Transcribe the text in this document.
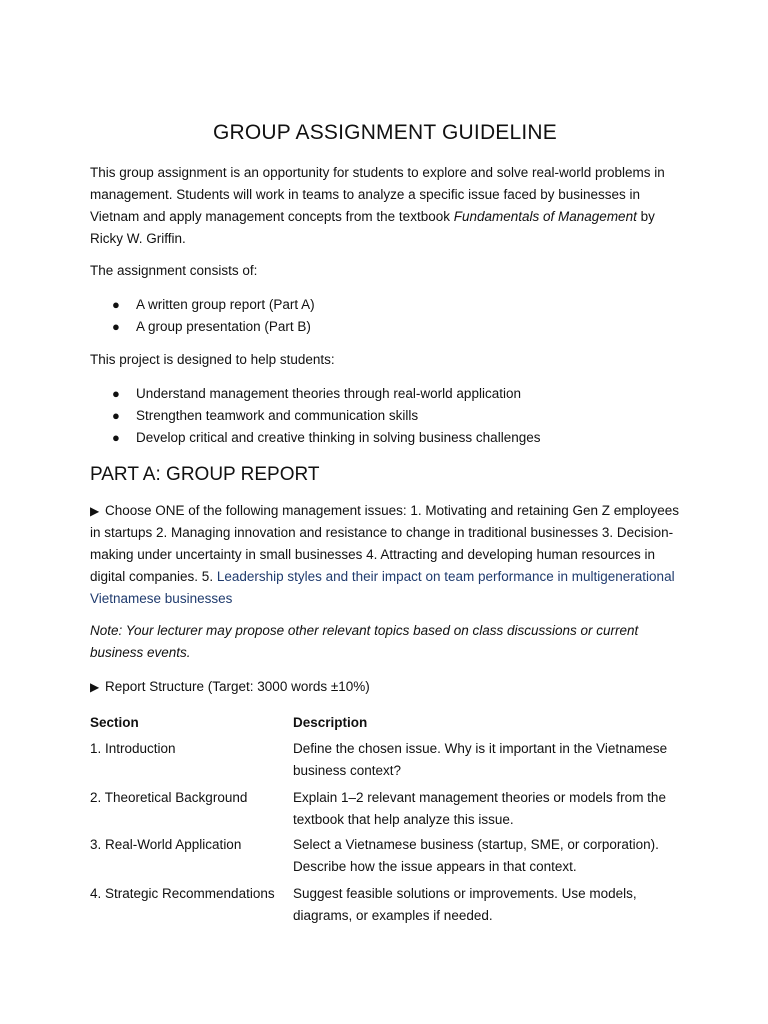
GROUP ASSIGNMENT GUIDELINE

This group assignment is an opportunity for students to explore and solve real-world problems in management. Students will work in teams to analyze a specific issue faced by businesses in Vietnam and apply management concepts from the textbook Fundamentals of Management by Ricky W. Griffin.

The assignment consists of:

● A written group report (Part A)
● A group presentation (Part B)

This project is designed to help students:

● Understand management theories through real-world application
● Strengthen teamwork and communication skills
● Develop critical and creative thinking in solving business challenges
PART A: GROUP REPORT

▶ Choose ONE of the following management issues: 1. Motivating and retaining Gen Z employees in startups 2. Managing innovation and resistance to change in traditional businesses 3. Decision-making under uncertainty in small businesses 4. Attracting and developing human resources in digital companies. 5. Leadership styles and their impact on team performance in multigenerational Vietnamese businesses

Note: Your lecturer may propose other relevant topics based on class discussions or current business events.

▶ Report Structure (Target: 3000 words ±10%)

Section	Description
1. Introduction	Define the chosen issue. Why is it important in the Vietnamese business context?
2. Theoretical Background	Explain 1–2 relevant management theories or models from the textbook that help analyze this issue.
3. Real-World Application	Select a Vietnamese business (startup, SME, or corporation). Describe how the issue appears in that context.
4. Strategic Recommendations	Suggest feasible solutions or improvements. Use models, diagrams, or examples if needed.
